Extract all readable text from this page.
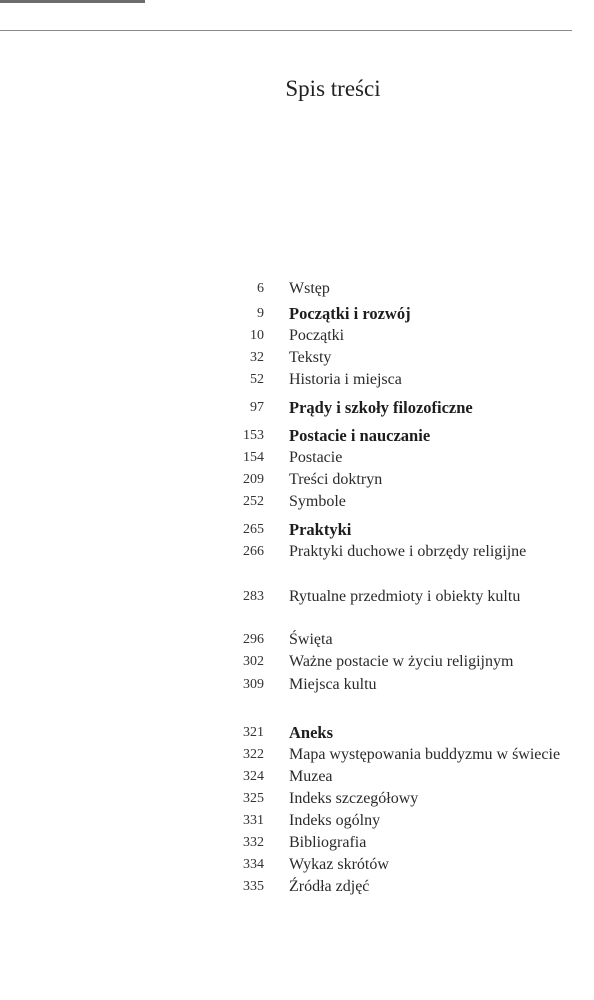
Spis treści
6 Wstęp
9 Początki i rozwój
10 Początki
32 Teksty
52 Historia i miejsca
97 Prądy i szkoły filozoficzne
153 Postacie i nauczanie
154 Postacie
209 Treści doktryn
252 Symbole
265 Praktyki
266 Praktyki duchowe i obrzędy religijne
283 Rytualne przedmioty i obiekty kultu
296 Święta
302 Ważne postacie w życiu religijnym
309 Miejsca kultu
321 Aneks
322 Mapa występowania buddyzmu w świecie
324 Muzea
325 Indeks szczegółowy
331 Indeks ogólny
332 Bibliografia
334 Wykaz skrótów
335 Źródła zdjęć
